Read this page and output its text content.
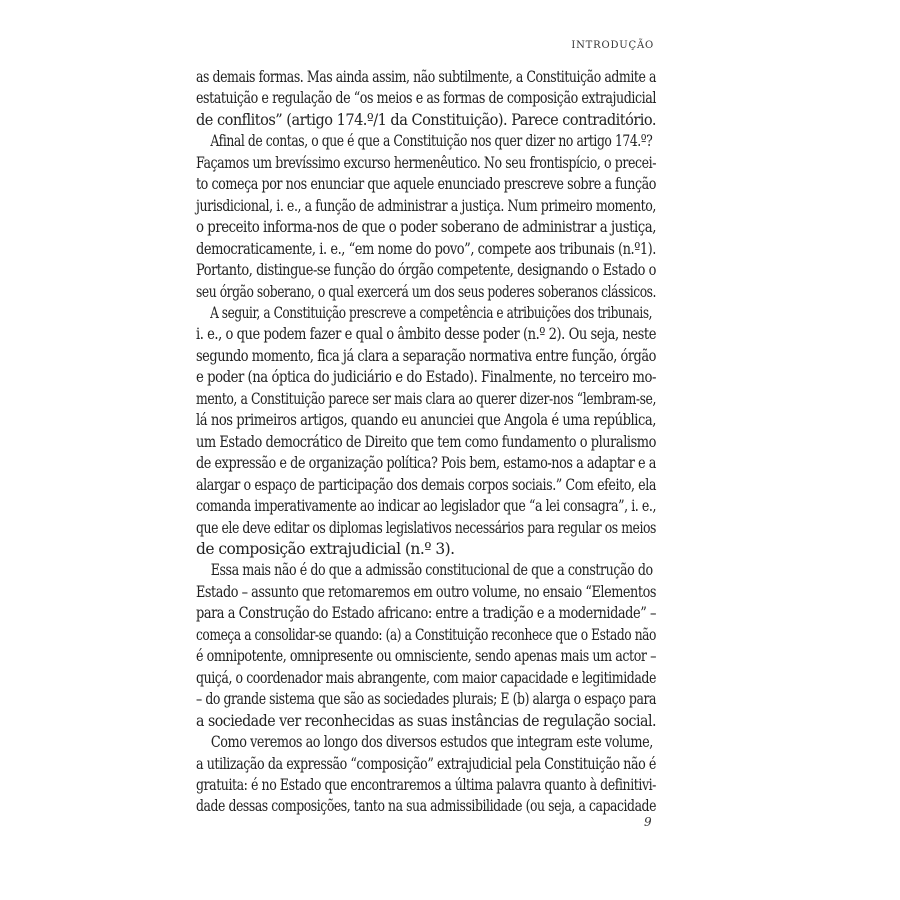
INTRODUÇÃO
as demais formas. Mas ainda assim, não subtilmente, a Constituição admite a
estatuição e regulação de “os meios e as formas de composição extrajudicial
de conflitos” (artigo 174.º/1 da Constituição). Parece contraditório.
Afinal de contas, o que é que a Constituição nos quer dizer no artigo 174.º?
Façamos um brevíssimo excurso hermenêutico. No seu frontispício, o precei-
to começa por nos enunciar que aquele enunciado prescreve sobre a função
jurisdicional, i. e., a função de administrar a justiça. Num primeiro momento,
o preceito informa-nos de que o poder soberano de administrar a justiça,
democraticamente, i. e., “em nome do povo”, compete aos tribunais (n.º1).
Portanto, distingue-se função do órgão competente, designando o Estado o
seu órgão soberano, o qual exercerá um dos seus poderes soberanos clássicos.
A seguir, a Constituição prescreve a competência e atribuições dos tribunais,
i. e., o que podem fazer e qual o âmbito desse poder (n.º 2). Ou seja, neste
segundo momento, fica já clara a separação normativa entre função, órgão
e poder (na óptica do judiciário e do Estado). Finalmente, no terceiro mo-
mento, a Constituição parece ser mais clara ao querer dizer-nos “lembram-se,
lá nos primeiros artigos, quando eu anunciei que Angola é uma república,
um Estado democrático de Direito que tem como fundamento o pluralismo
de expressão e de organização política? Pois bem, estamo-nos a adaptar e a
alargar o espaço de participação dos demais corpos sociais.” Com efeito, ela
comanda imperativamente ao indicar ao legislador que “a lei consagra”, i. e.,
que ele deve editar os diplomas legislativos necessários para regular os meios
de composição extrajudicial (n.º 3).
Essa mais não é do que a admissão constitucional de que a construção do
Estado – assunto que retomaremos em outro volume, no ensaio “Elementos
para a Construção do Estado africano: entre a tradição e a modernidade” –
começa a consolidar-se quando: (a) a Constituição reconhece que o Estado não
é omnipotente, omnipresente ou omnisciente, sendo apenas mais um actor –
quiçá, o coordenador mais abrangente, com maior capacidade e legitimidade
– do grande sistema que são as sociedades plurais; E (b) alarga o espaço para
a sociedade ver reconhecidas as suas instâncias de regulação social.
Como veremos ao longo dos diversos estudos que integram este volume,
a utilização da expressão “composição” extrajudicial pela Constituição não é
gratuita: é no Estado que encontraremos a última palavra quanto à definitivi-
dade dessas composições, tanto na sua admissibilidade (ou seja, a capacidade
9
